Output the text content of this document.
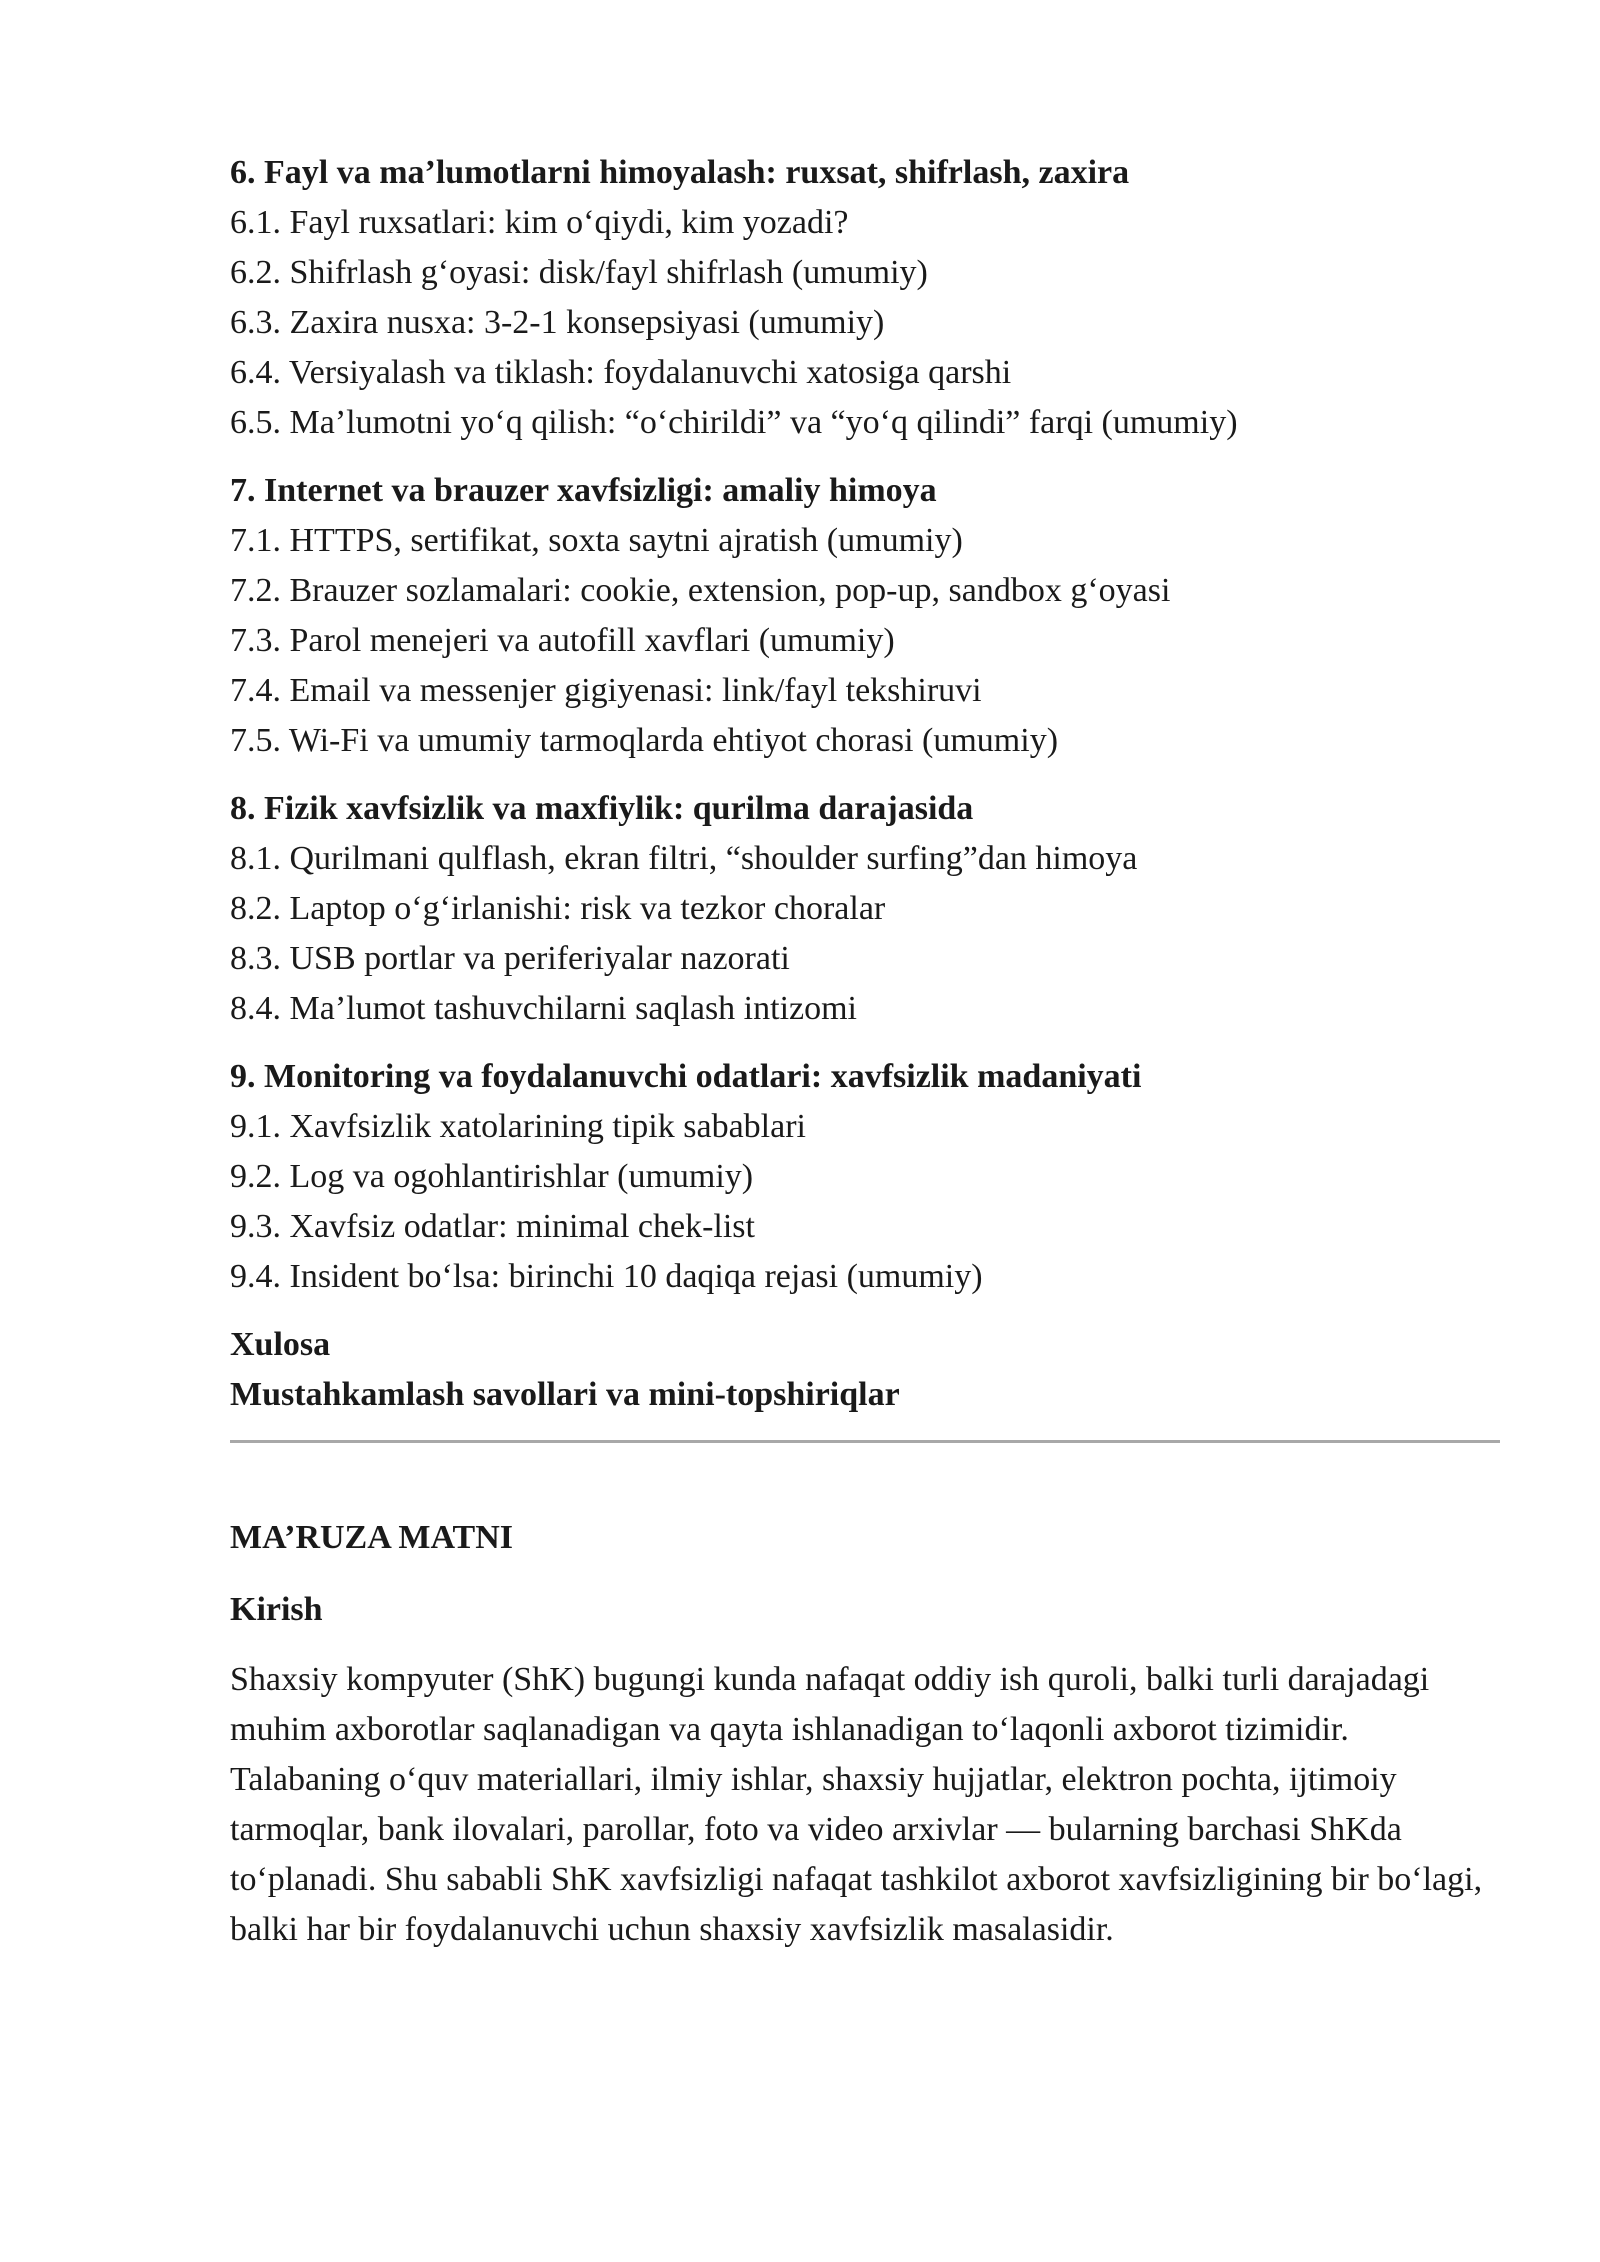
6. Fayl va ma’lumotlarni himoyalash: ruxsat, shifrlash, zaxira

6.1. Fayl ruxsatlari: kim o‘qiydi, kim yozadi?

6.2. Shifrlash g‘oyasi: disk/fayl shifrlash (umumiy)

6.3. Zaxira nusxa: 3-2-1 konsepsiyasi (umumiy)

6.4. Versiyalash va tiklash: foydalanuvchi xatosiga qarshi

6.5. Ma’lumotni yo‘q qilish: “o‘chirildi” va “yo‘q qilindi” farqi (umumiy)

7. Internet va brauzer xavfsizligi: amaliy himoya

7.1. HTTPS, sertifikat, soxta saytni ajratish (umumiy)

7.2. Brauzer sozlamalari: cookie, extension, pop-up, sandbox g‘oyasi

7.3. Parol menejeri va autofill xavflari (umumiy)

7.4. Email va messenjer gigiyenasi: link/fayl tekshiruvi

7.5. Wi-Fi va umumiy tarmoqlarda ehtiyot chorasi (umumiy)

8. Fizik xavfsizlik va maxfiylik: qurilma darajasida

8.1. Qurilmani qulflash, ekran filtri, “shoulder surfing”dan himoya

8.2. Laptop o‘g‘irlanishi: risk va tezkor choralar

8.3. USB portlar va periferiyalar nazorati

8.4. Ma’lumot tashuvchilarni saqlash intizomi

9. Monitoring va foydalanuvchi odatlari: xavfsizlik madaniyati

9.1. Xavfsizlik xatolarining tipik sabablari

9.2. Log va ogohlantirishlar (umumiy)

9.3. Xavfsiz odatlar: minimal chek-list

9.4. Insident bo‘lsa: birinchi 10 daqiqa rejasi (umumiy)

Xulosa

Mustahkamlash savollari va mini-topshiriqlar

MA’RUZA MATNI

Kirish

Shaxsiy kompyuter (ShK) bugungi kunda nafaqat oddiy ish quroli, balki turli darajadagi muhim axborotlar saqlanadigan va qayta ishlanadigan to‘laqonli axborot tizimidir. Talabaning o‘quv materiallari, ilmiy ishlar, shaxsiy hujjatlar, elektron pochta, ijtimoiy tarmoqlar, bank ilovalari, parollar, foto va video arxivlar — bularning barchasi ShKda to‘planadi. Shu sababli ShK xavfsizligi nafaqat tashkilot axborot xavfsizligining bir bo‘lagi, balki har bir foydalanuvchi uchun shaxsiy xavfsizlik masalasidir.
